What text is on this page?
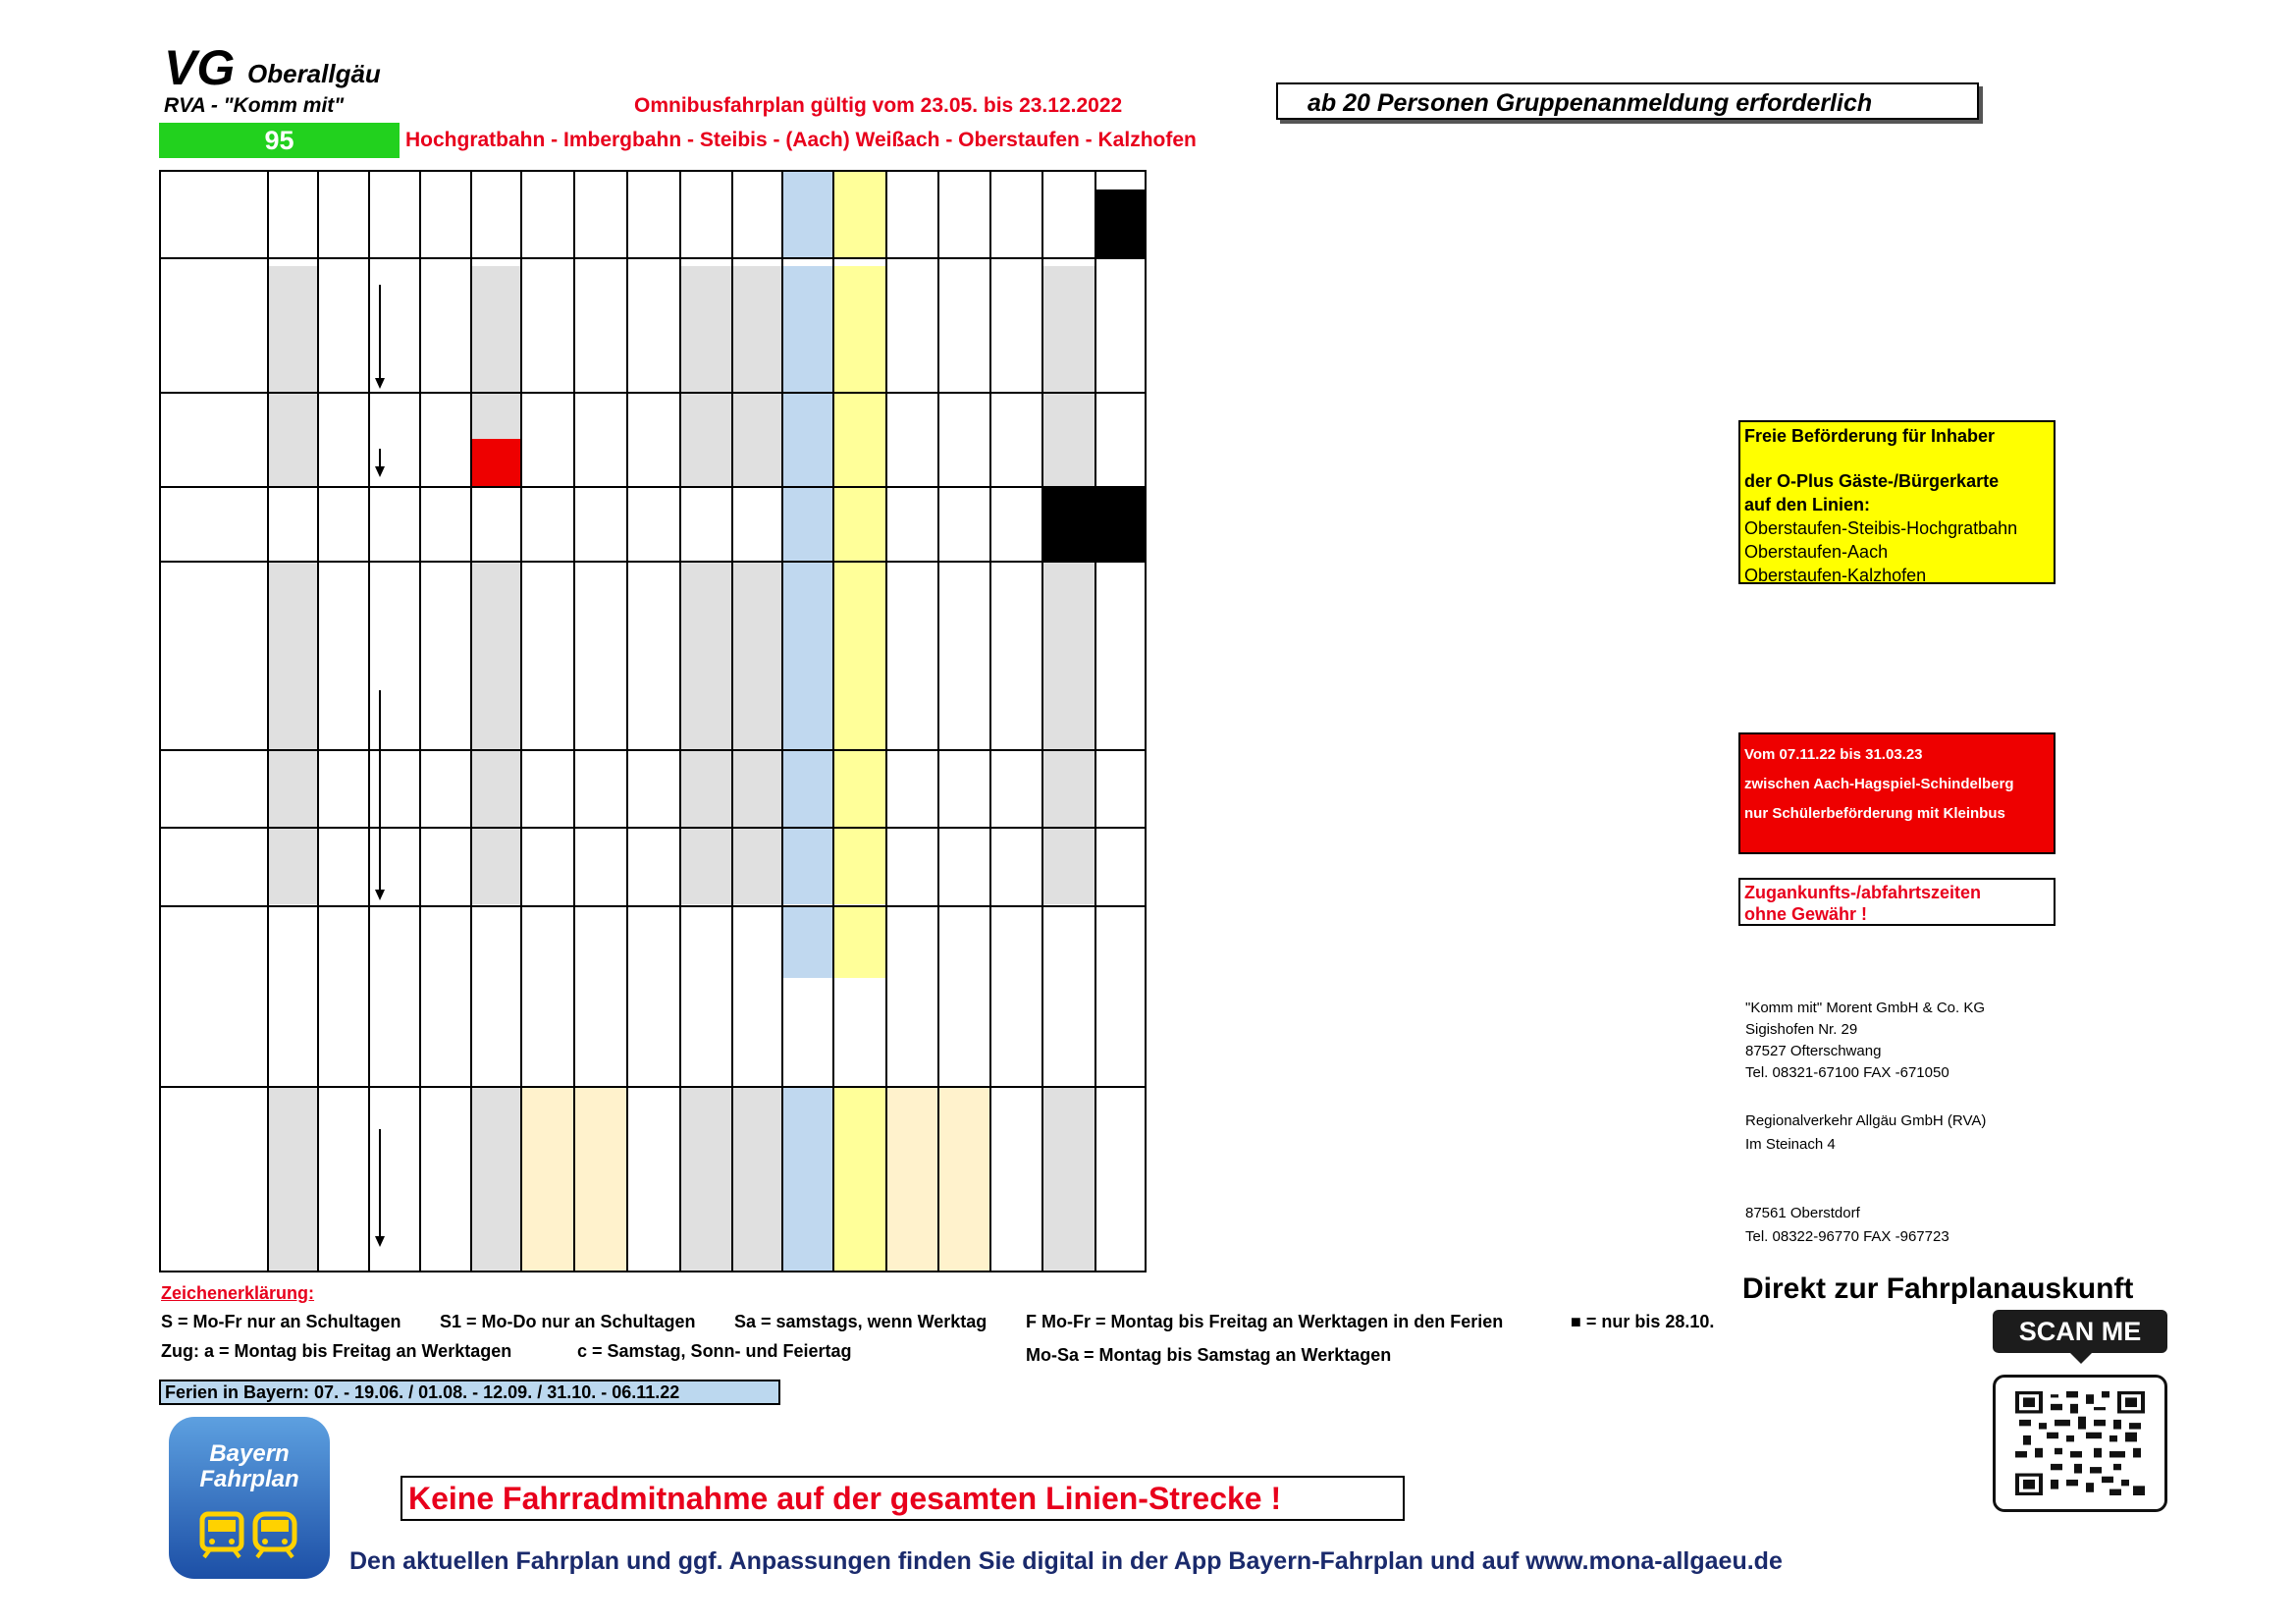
VG Oberallgäu
RVA - "Komm mit"	Omnibusfahrplan gültig vom 23.05. bis 23.12.2022	ab 20 Personen Gruppenanmeldung erforderlich
95	Hochgratbahn - Imbergbahn - Steibis - (Aach) Weißach - Oberstaufen - Kalzhofen
Freie Beförderung für Inhaber
der O-Plus Gäste-/Bürgerkarte
auf den Linien:
Oberstaufen-Steibis-Hochgratbahn
Oberstaufen-Aach
Oberstaufen-Kalzhofen
Vom 07.11.22 bis 31.03.23
zwischen Aach-Hagspiel-Schindelberg
nur Schülerbeförderung mit Kleinbus
Zugankunfts-/abfahrtszeiten
ohne Gewähr !
"Komm mit" Morent GmbH & Co. KG
Sigishofen Nr. 29
87527 Ofterschwang
Tel. 08321-67100 FAX -671050
Regionalverkehr Allgäu GmbH (RVA)
Im Steinach 4
87561 Oberstdorf
Tel. 08322-96770 FAX -967723
Zeichenerklärung:
S = Mo-Fr nur an Schultagen S1 = Mo-Do nur an Schultagen Sa = samstags, wenn Werktag F Mo-Fr = Montag bis Freitag an Werktagen in den Ferien	■ = nur bis 28.10.
Zug: a = Montag bis Freitag an Werktagen	c = Samstag, Sonn- und Feiertag	Mo-Sa = Montag bis Samstag an Werktagen
Ferien in Bayern: 07. - 19.06. / 01.08. - 12.09. / 31.10. - 06.11.22
Bayern
Fahrplan
Keine Fahrradmitnahme auf der gesamten Linien-Strecke !
Den aktuellen Fahrplan und ggf. Anpassungen finden Sie digital in der App Bayern-Fahrplan und auf www.mona-allgaeu.de
Direkt zur Fahrplanauskunft
SCAN ME
